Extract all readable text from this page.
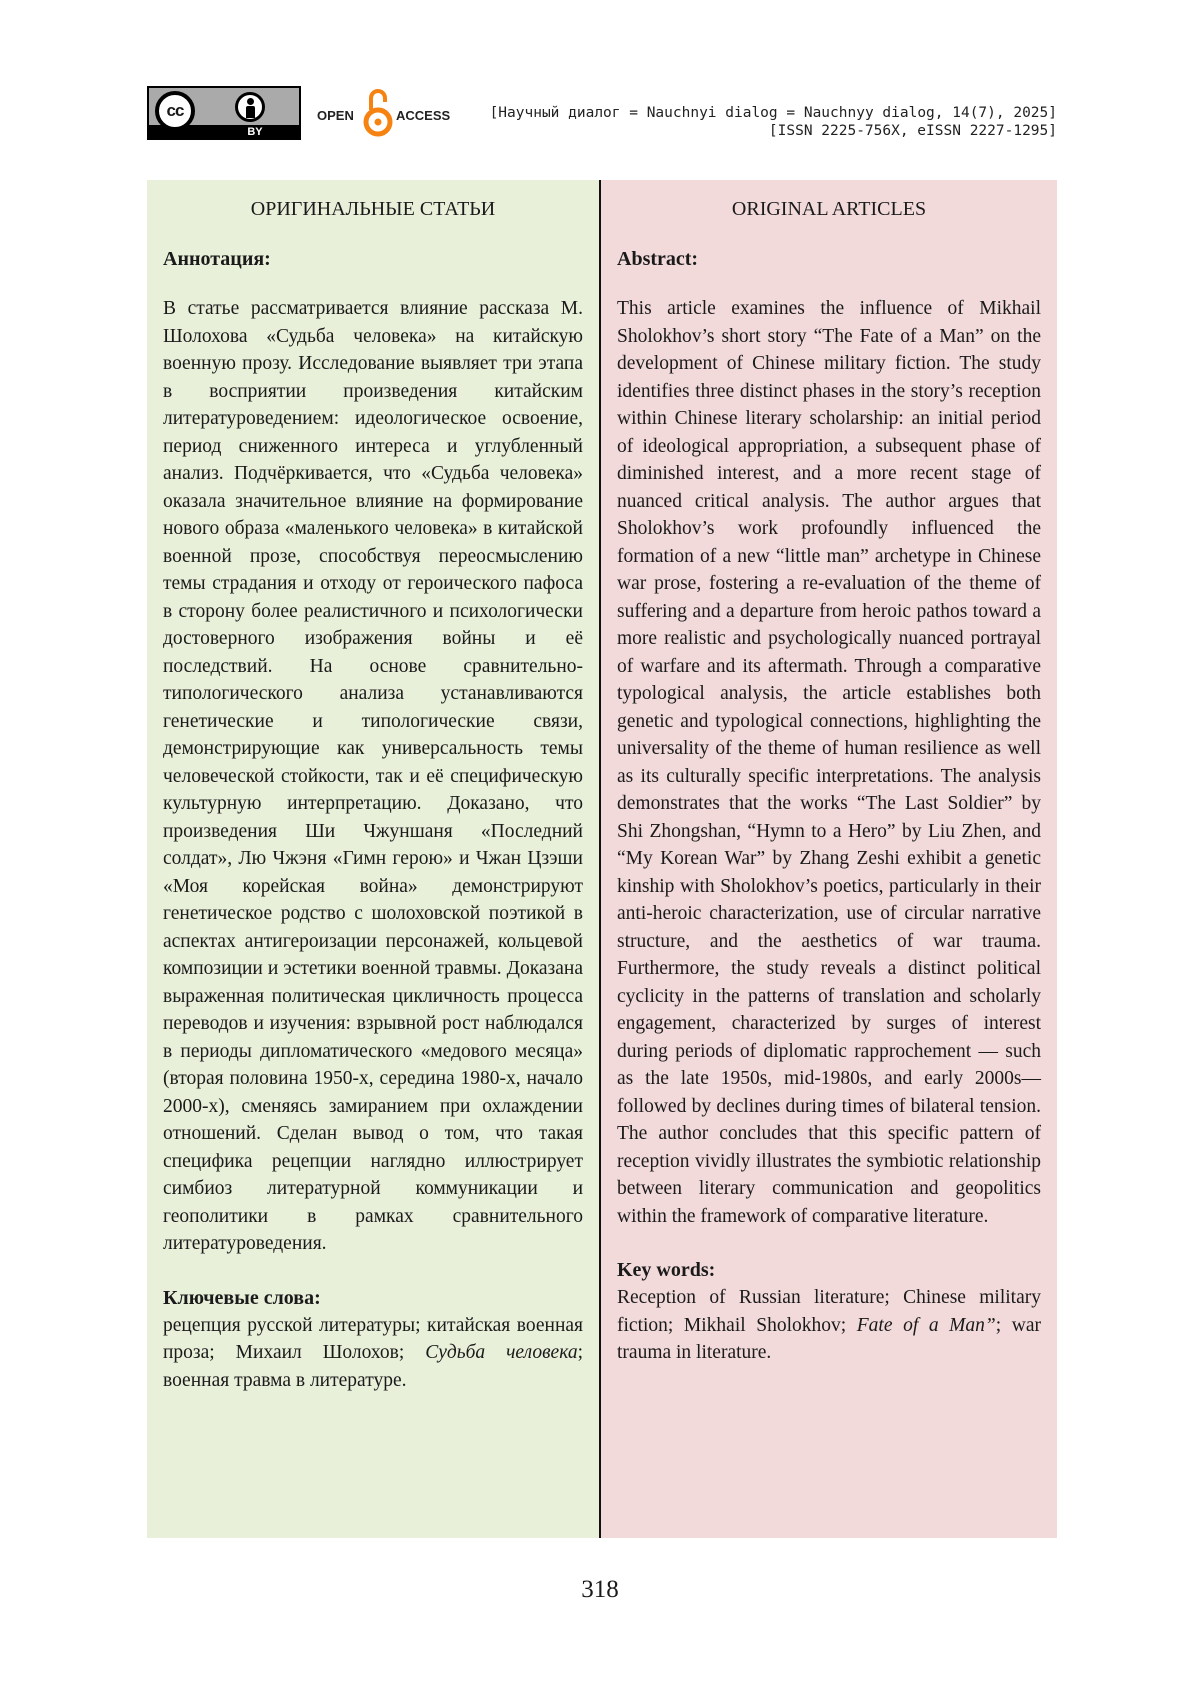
cc
BY
OPEN	ACCESS	[Научный диалог = Nauchnyi dialog = Nauchnyy dialog, 14(7), 2025]
[ISSN 2225-756X, eISSN 2227-1295]
ОРИГИНАЛЬНЫЕ СТАТЬИ
Аннотация:

В статье рассматривается влияние рассказа М. Шолохова «Судьба человека» на китайскую военную прозу. Исследование выявляет три этапа в восприятии произведения китайским литературоведением: идеологическое освоение, период сниженного интереса и углубленный анализ. Подчёркивается, что «Судьба человека» оказала значительное влияние на формирование нового образа «маленького человека» в китайской военной прозе, способствуя переосмыслению темы страдания и отходу от героического пафоса в сторону более реалистичного и психологически достоверного изображения войны и её последствий. На основе сравнительно-типологического анализа устанавливаются генетические и типологические связи, демонстрирующие как универсальность темы человеческой стойкости, так и её специфическую культурную интерпретацию. Доказано, что произведения Ши Чжуншаня «Последний солдат», Лю Чжэня «Гимн герою» и Чжан Цзэши «Моя корейская война» демонстрируют генетическое родство с шолоховской поэтикой в аспектах антигероизации персонажей, кольцевой композиции и эстетики военной травмы. Доказана выраженная политическая цикличность процесса переводов и изучения: взрывной рост наблюдался в периоды дипломатического «медового месяца» (вторая половина 1950-х, середина 1980-х, начало 2000-х), сменяясь замиранием при охлаждении отношений. Сделан вывод о том, что такая специфика рецепции наглядно иллюстрирует симбиоз литературной коммуникации и геополитики в рамках сравнительного литературоведения.

Ключевые слова:

рецепция русской литературы; китайская военная проза; Михаил Шолохов; Судьба человека; военная травма в литературе.

ORIGINAL ARTICLES
Abstract:

This article examines the influence of Mikhail Sholokhov’s short story “The Fate of a Man” on the development of Chinese military fiction. The study identifies three distinct phases in the story’s reception within Chinese literary scholarship: an initial period of ideological appropriation, a subsequent phase of diminished interest, and a more recent stage of nuanced critical analysis. The author argues that Sholokhov’s work profoundly influenced the formation of a new “little man” archetype in Chinese war prose, fostering a re-evaluation of the theme of suffering and a departure from heroic pathos toward a more realistic and psychologically nuanced portrayal of warfare and its aftermath. Through a comparative typological analysis, the article establishes both genetic and typological connections, highlighting the universality of the theme of human resilience as well as its culturally specific interpretations. The analysis demonstrates that the works “The Last Soldier” by Shi Zhongshan, “Hymn to a Hero” by Liu Zhen, and “My Korean War” by Zhang Zeshi exhibit a genetic kinship with Sholokhov’s poetics, particularly in their anti-heroic characterization, use of circular narrative structure, and the aesthetics of war trauma. Furthermore, the study reveals a distinct political cyclicity in the patterns of translation and scholarly engagement, characterized by surges of interest during periods of diplomatic rapprochement — such as the late 1950s, mid-1980s, and early 2000s—followed by declines during times of bilateral tension. The author concludes that this specific pattern of reception vividly illustrates the symbiotic relationship between literary communication and geopolitics within the framework of comparative literature.

Key words:

Reception of Russian literature; Chinese military fiction; Mikhail Sholokhov; Fate of a Man”; war trauma in literature.

318
